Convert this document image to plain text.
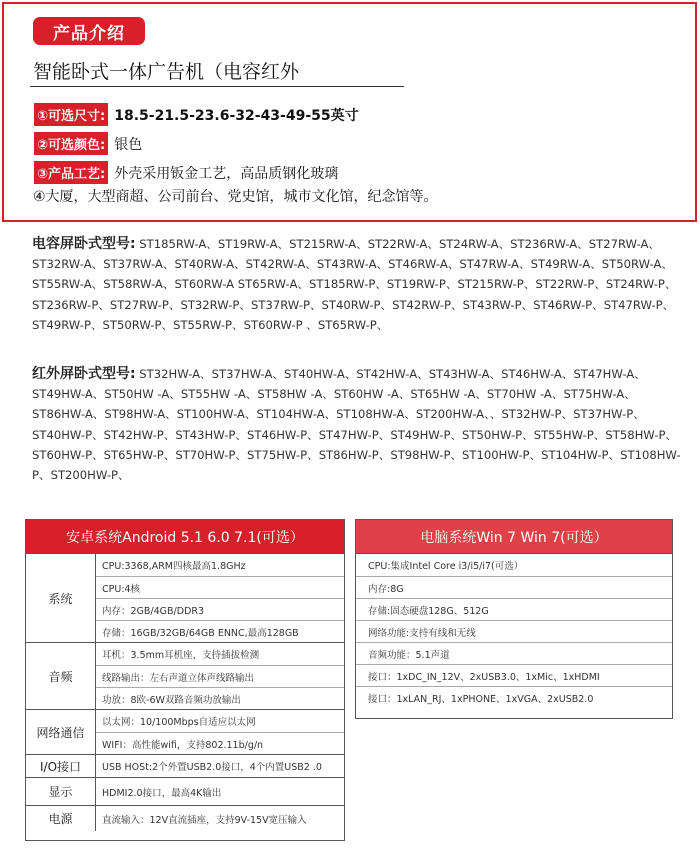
产品介绍
智能卧式一体广告机（电容红外
①可选尺寸: 18.5-21.5-23.6-32-43-49-55英寸
②可选颜色: 银色
③产品工艺: 外壳采用钣金工艺，高品质钢化玻璃
④大厦，大型商超、公司前台、党史馆，城市文化馆，纪念馆等。
电容屏卧式型号: ST185RW-A、ST19RW-A、ST215RW-A、ST22RW-A、ST24RW-A、ST236RW-A、ST27RW-A、ST32RW-A、ST37RW-A、ST40RW-A、ST42RW-A、ST43RW-A、ST46RW-A、ST47RW-A、ST49RW-A、ST50RW-A、ST55RW-A、ST58RW-A、ST60RW-A ST65RW-A、ST185RW-P、ST19RW-P、ST215RW-P、ST22RW-P、ST24RW-P、ST236RW-P、ST27RW-P、ST32RW-P、ST37RW-P、ST40RW-P、ST42RW-P、ST43RW-P、ST46RW-P、ST47RW-P、ST49RW-P、ST50RW-P、ST55RW-P、ST60RW-P 、ST65RW-P、
红外屏卧式型号: ST32HW-A、ST37HW-A、ST40HW-A、ST42HW-A、ST43HW-A、ST46HW-A、ST47HW-A、ST49HW-A、ST50HW -A、ST55HW -A、ST58HW -A、ST60HW -A、ST65HW -A、ST70HW -A、ST75HW-A、ST86HW-A、ST98HW-A、ST100HW-A、ST104HW-A、ST108HW-A、ST200HW-A、、ST32HW-P、ST37HW-P、ST40HW-P、ST42HW-P、ST43HW-P、ST46HW-P、ST47HW-P、ST49HW-P、ST50HW-P、ST55HW-P、ST58HW-P、ST60HW-P、ST65HW-P、ST70HW-P、ST75HW-P、ST86HW-P、ST98HW-P、ST100HW-P、ST104HW-P、ST108HW-P、ST200HW-P、
安卓系统Android 5.1 6.0 7.1(可选）
系统
CPU:3368,ARM四核最高1.8GHz
CPU:4核
内存：2GB/4GB/DDR3
存储：16GB/32GB/64GB ENNC,最高128GB
音频
耳机：3.5mm耳机座，支持插拔检测
线路输出：左右声道立体声线路输出
功放：8欧-6W双路音频功放输出
网络通信
以太网：10/100Mbps自适应以太网
WIFI：高性能wifi，支持802.11b/g/n
I/O接口	USB HOSt:2个外置USB2.0接口，4个内置USB2 .0
显示	HDMI2.0接口，最高4K输出
电源	直流输入：12V直流插座，支持9V-15V宽压输入
电脑系统Win 7 Win 7(可选）
CPU:集成Intel Core i3/i5/i7(可选）
内存:8G
存储:固态硬盘128G、512G
网络功能:支持有线和无线
音频功能：5.1声道
接口：1xDC_IN_12V、2xUSB3.0、1xMic、1xHDMI
接口：1xLAN_RJ、1xPHONE、1xVGA、2xUSB2.0
